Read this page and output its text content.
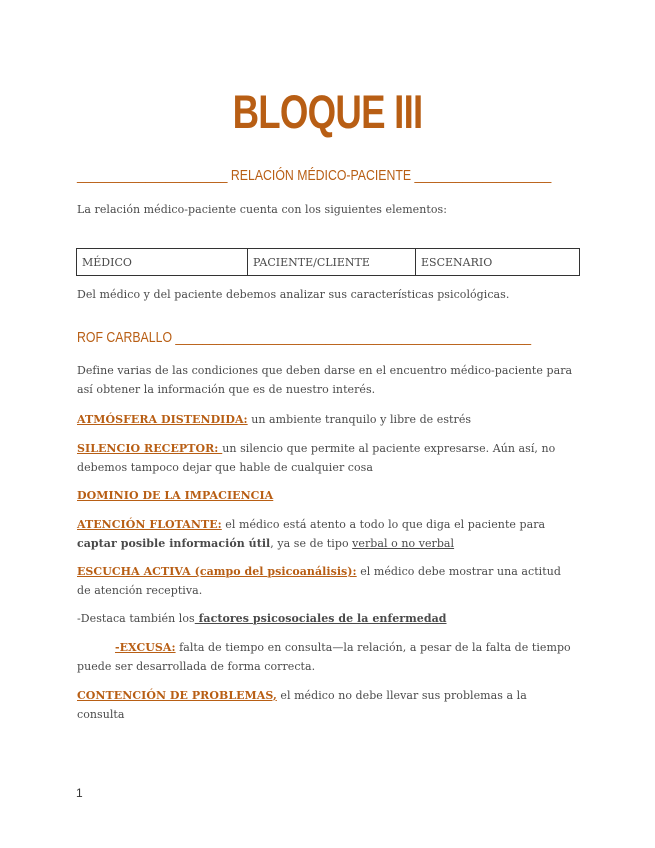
BLOQUE III

______________________ RELACIÓN MÉDICO-PACIENTE ____________________

La relación médico-paciente cuenta con los siguientes elementos:

MÉDICO	PACIENTE/CLIENTE	ESCENARIO

Del médico y del paciente debemos analizar sus características psicológicas.

ROF CARBALLO ____________________________________________________

Define varias de las condiciones que deben darse en el encuentro médico-paciente para así obtener la información que es de nuestro interés.

ATMÓSFERA DISTENDIDA: un ambiente tranquilo y libre de estrés

SILENCIO RECEPTOR: un silencio que permite al paciente expresarse. Aún así, no debemos tampoco dejar que hable de cualquier cosa

DOMINIO DE LA IMPACIENCIA

ATENCIÓN FLOTANTE: el médico está atento a todo lo que diga el paciente para captar posible información útil, ya se de tipo verbal o no verbal

ESCUCHA ACTIVA (campo del psicoanálisis): el médico debe mostrar una actitud de atención receptiva.

-Destaca también los factores psicosociales de la enfermedad

-EXCUSA: falta de tiempo en consulta—la relación, a pesar de la falta de tiempo puede ser desarrollada de forma correcta.

CONTENCIÓN DE PROBLEMAS, el médico no debe llevar sus problemas a la consulta

1
